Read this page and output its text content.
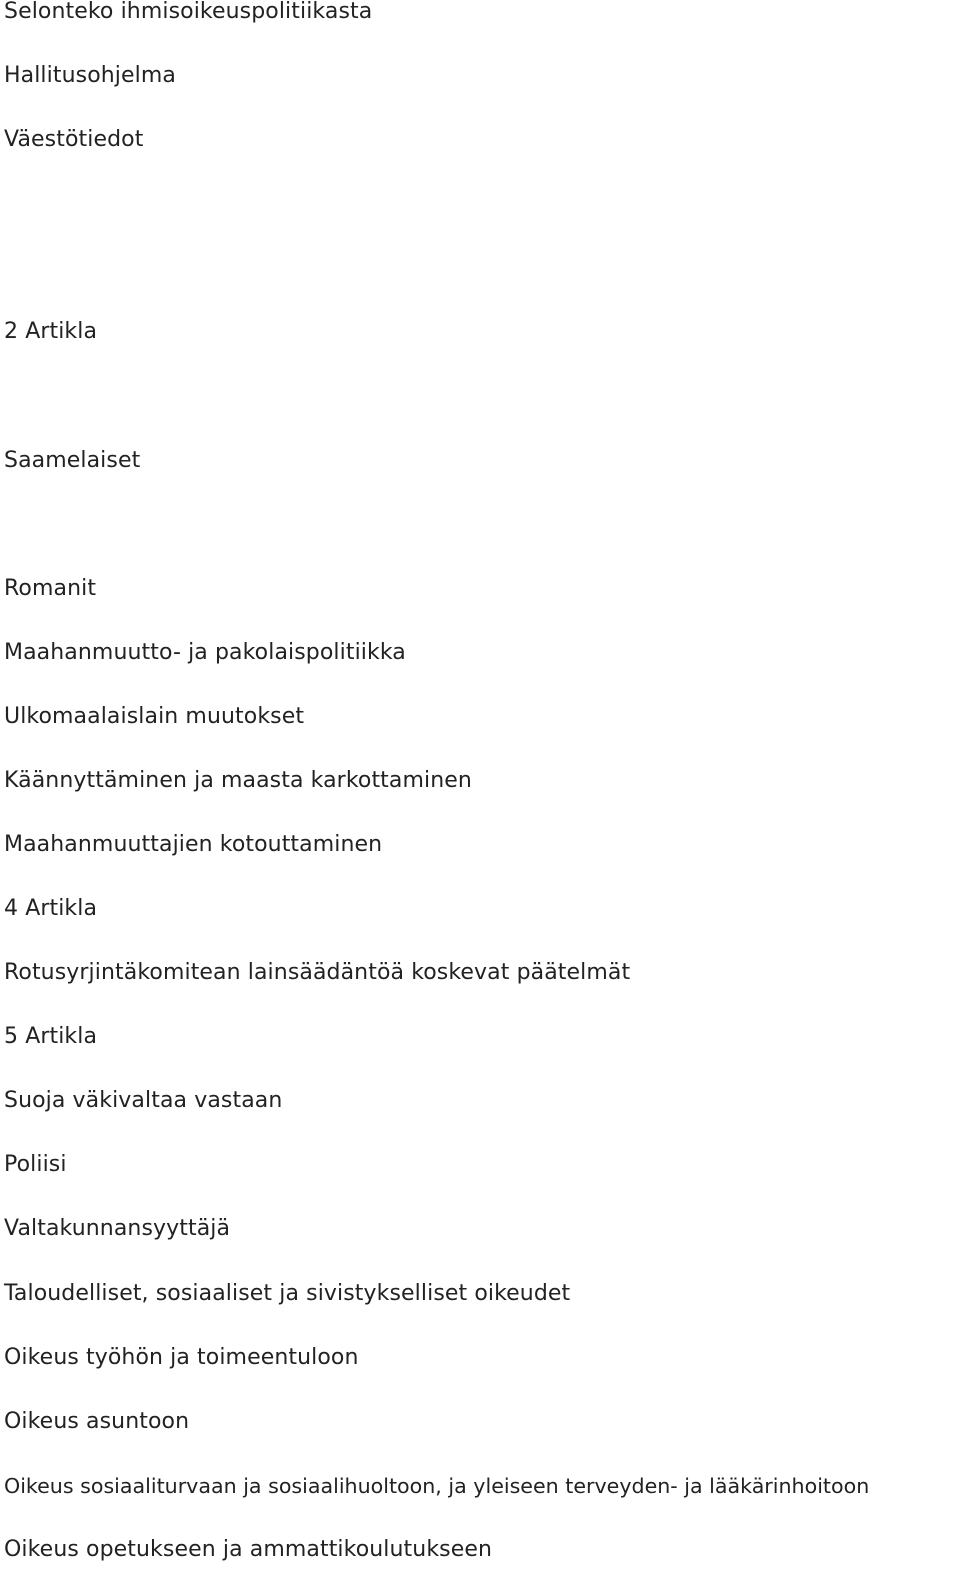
Selonteko ihmisoikeuspolitiikasta

Hallitusohjelma

Väestötiedot

2 Artikla

Saamelaiset

Romanit

Maahanmuutto- ja pakolaispolitiikka

Ulkomaalaislain muutokset

Käännyttäminen ja maasta karkottaminen

Maahanmuuttajien kotouttaminen

4 Artikla

Rotusyrjintäkomitean lainsäädäntöä koskevat päätelmät

5 Artikla

Suoja väkivaltaa vastaan

Poliisi

Valtakunnansyyttäjä

Taloudelliset, sosiaaliset ja sivistykselliset oikeudet

Oikeus työhön ja toimeentuloon

Oikeus asuntoon

Oikeus sosiaaliturvaan ja sosiaalihuoltoon, ja yleiseen terveyden- ja lääkärinhoitoon

Oikeus opetukseen ja ammattikoulutukseen
